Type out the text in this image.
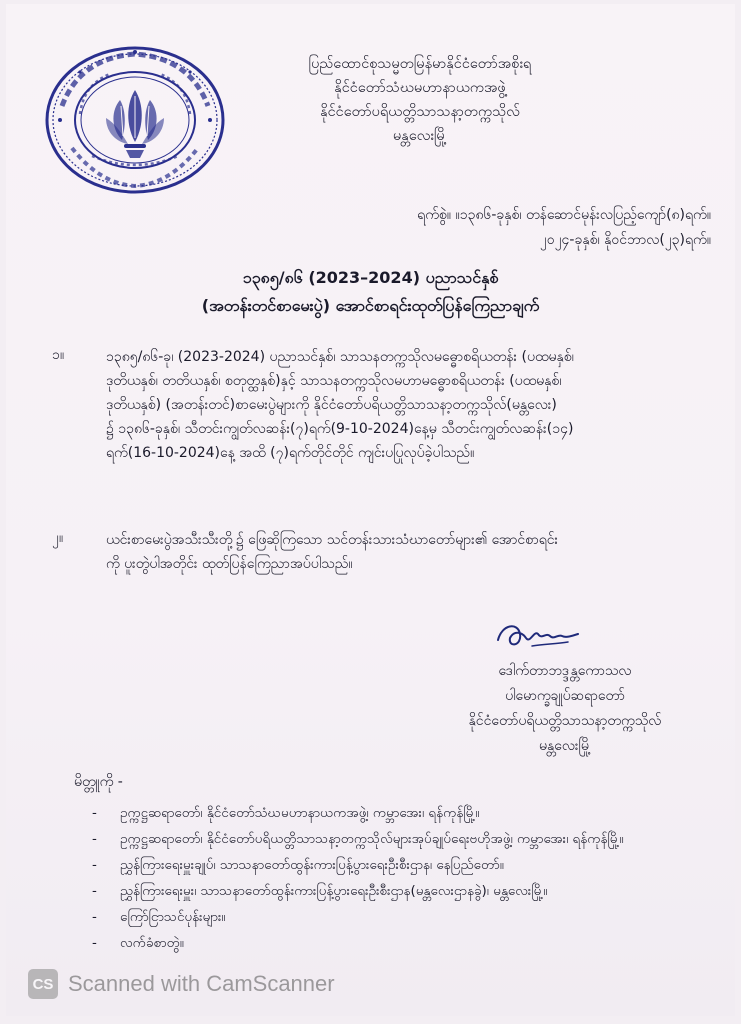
ပြည်ထောင်စုသမ္မတမြန်မာနိုင်ငံတော်အစိုးရ
နိုင်ငံတော်သံဃမဟာနာယကအဖွဲ့
နိုင်ငံတော်ပရိယတ္တိသာသနာ့တက္ကသိုလ်
မန္တလေးမြို့
ရက်စွဲ။ ။၁၃၈၆-ခုနှစ်၊ တန်ဆောင်မုန်းလပြည့်ကျော်(၈)ရက်။
၂၀၂၄-ခုနှစ်၊ နိုဝင်ဘာလ(၂၃)ရက်။
၁၃၈၅/၈၆ (2023–2024) ပညာသင်နှစ်
(အတန်းတင်စာမေးပွဲ) အောင်စာရင်းထုတ်ပြန်ကြေညာချက်
၁။	၁၃၈၅/၈၆-ခု၊ (2023-2024) ပညာသင်နှစ်၊ သာသနတက္ကသိုလမဓ္ဓောစရိယတန်း (ပထမနှစ်၊
ဒုတိယနှစ်၊ တတိယနှစ်၊ စတုတ္ထနှစ်)နှင့် သာသနတက္ကသိုလမဟာမဓ္ဓောစရိယတန်း (ပထမနှစ်၊
ဒုတိယနှစ်) (အတန်းတင်)စာမေးပွဲများကို နိုင်ငံတော်ပရိယတ္တိသာသနာ့တက္ကသိုလ်(မန္တလေး)
၌ ၁၃၈၆-ခုနှစ်၊ သီတင်းကျွတ်လဆန်း(၇)ရက်(9-10-2024)နေ့မှ သီတင်းကျွတ်လဆန်း(၁၄)
ရက်(16-10-2024)နေ့ အထိ (၇)ရက်တိုင်တိုင် ကျင်းပပြုလုပ်ခဲ့ပါသည်။
၂။	ယင်းစာမေးပွဲအသီးသီးတို့၌ ဖြေဆိုကြသော သင်တန်းသားသံဃာတော်များ၏ အောင်စာရင်း
ကို ပူးတွဲပါအတိုင်း ထုတ်ပြန်ကြေညာအပ်ပါသည်။
ဒေါက်တာဘဒ္ဒန္တကောသလ
ပါမောက္ခချုပ်ဆရာတော်
နိုင်ငံတော်ပရိယတ္တိသာသနာ့တက္ကသိုလ်
မန္တလေးမြို့
မိတ္တူကို -
- ဥက္ကဋ္ဌဆရာတော်၊ နိုင်ငံတော်သံဃမဟာနာယကအဖွဲ့၊ ကမ္ဘာအေး၊ ရန်ကုန်မြို့။
- ဥက္ကဋ္ဌဆရာတော်၊ နိုင်ငံတော်ပရိယတ္တိသာသနာ့တက္ကသိုလ်များအုပ်ချုပ်ရေးဗဟိုအဖွဲ့၊ ကမ္ဘာအေး၊ ရန်ကုန်မြို့။
- ညွှန်ကြားရေးမှူးချုပ်၊ သာသနာတော်ထွန်းကားပြန့်ပွားရေးဦးစီးဌာန၊ နေပြည်တော်။
- ညွှန်ကြားရေးမှူး၊ သာသနာတော်ထွန်းကားပြန့်ပွားရေးဦးစီးဌာန(မန္တလေးဌာနခွဲ)၊ မန္တလေးမြို့။
- ကြော်ငြာသင်ပုန်းများ။
- လက်ခံစာတွဲ။
CS Scanned with CamScanner
